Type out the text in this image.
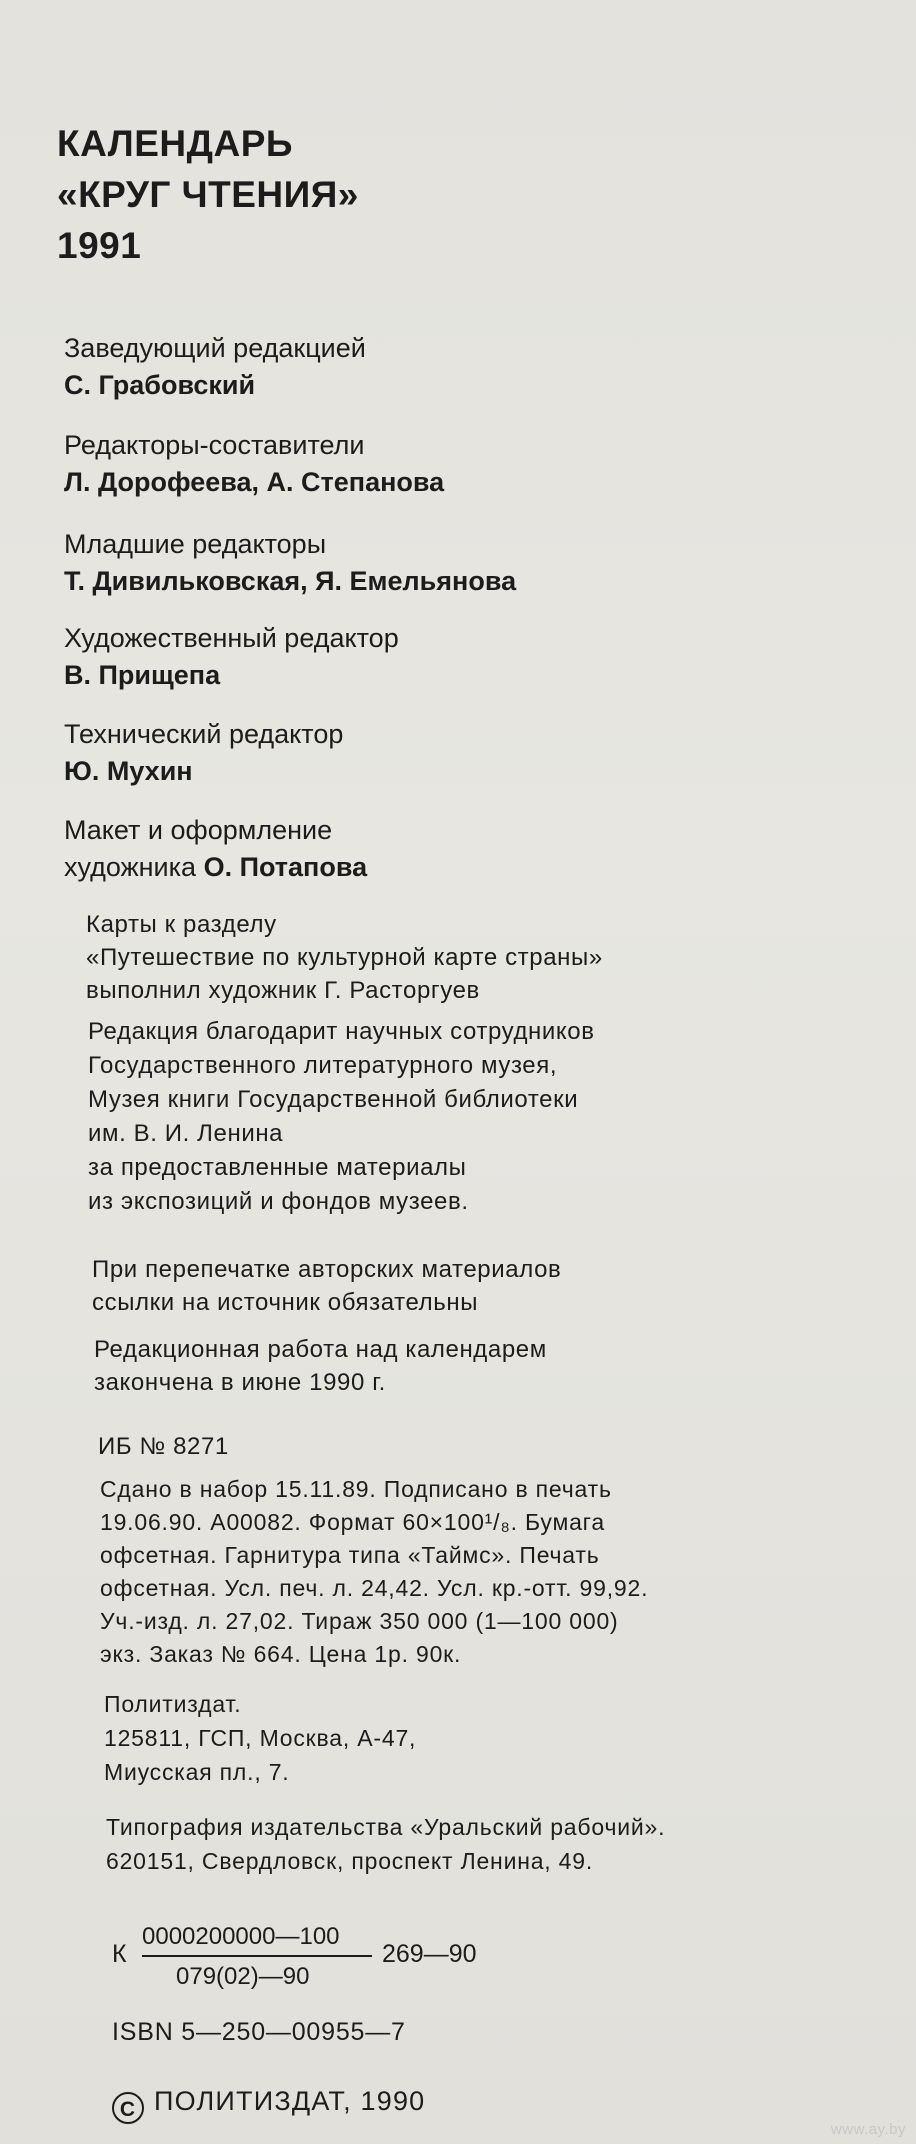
КАЛЕНДАРЬ
«КРУГ ЧТЕНИЯ»
1991
Заведующий редакцией
С. Грабовский
Редакторы-составители
Л. Дорофеева, А. Степанова
Младшие редакторы
Т. Дивильковская, Я. Емельянова
Художественный редактор
В. Прищепа
Технический редактор
Ю. Мухин
Макет и оформление
художника О. Потапова
Карты к разделу
«Путешествие по культурной карте страны»
выполнил художник Г. Расторгуев
Редакция благодарит научных сотрудников
Государственного литературного музея,
Музея книги Государственной библиотеки
им. В. И. Ленина
за предоставленные материалы
из экспозиций и фондов музеев.
При перепечатке авторских материалов
ссылки на источник обязательны
Редакционная работа над календарем
закончена в июне 1990 г.
ИБ № 8271
Сдано в набор 15.11.89. Подписано в печать
19.06.90. А00082. Формат 60×100¹/₈. Бумага
офсетная. Гарнитура типа «Таймс». Печать
офсетная. Усл. печ. л. 24,42. Усл. кр.-отт. 99,92.
Уч.-изд. л. 27,02. Тираж 350 000 (1—100 000)
экз. Заказ № 664. Цена 1р. 90к.
Политиздат.
125811, ГСП, Москва, А-47,
Миусская пл., 7.
Типография издательства «Уральский рабочий».
620151, Свердловск, проспект Ленина, 49.
К
0000200000—100
079(02)—90
269—90
ISBN 5—250—00955—7
C ПОЛИТИЗДАТ, 1990
www.ay.by
